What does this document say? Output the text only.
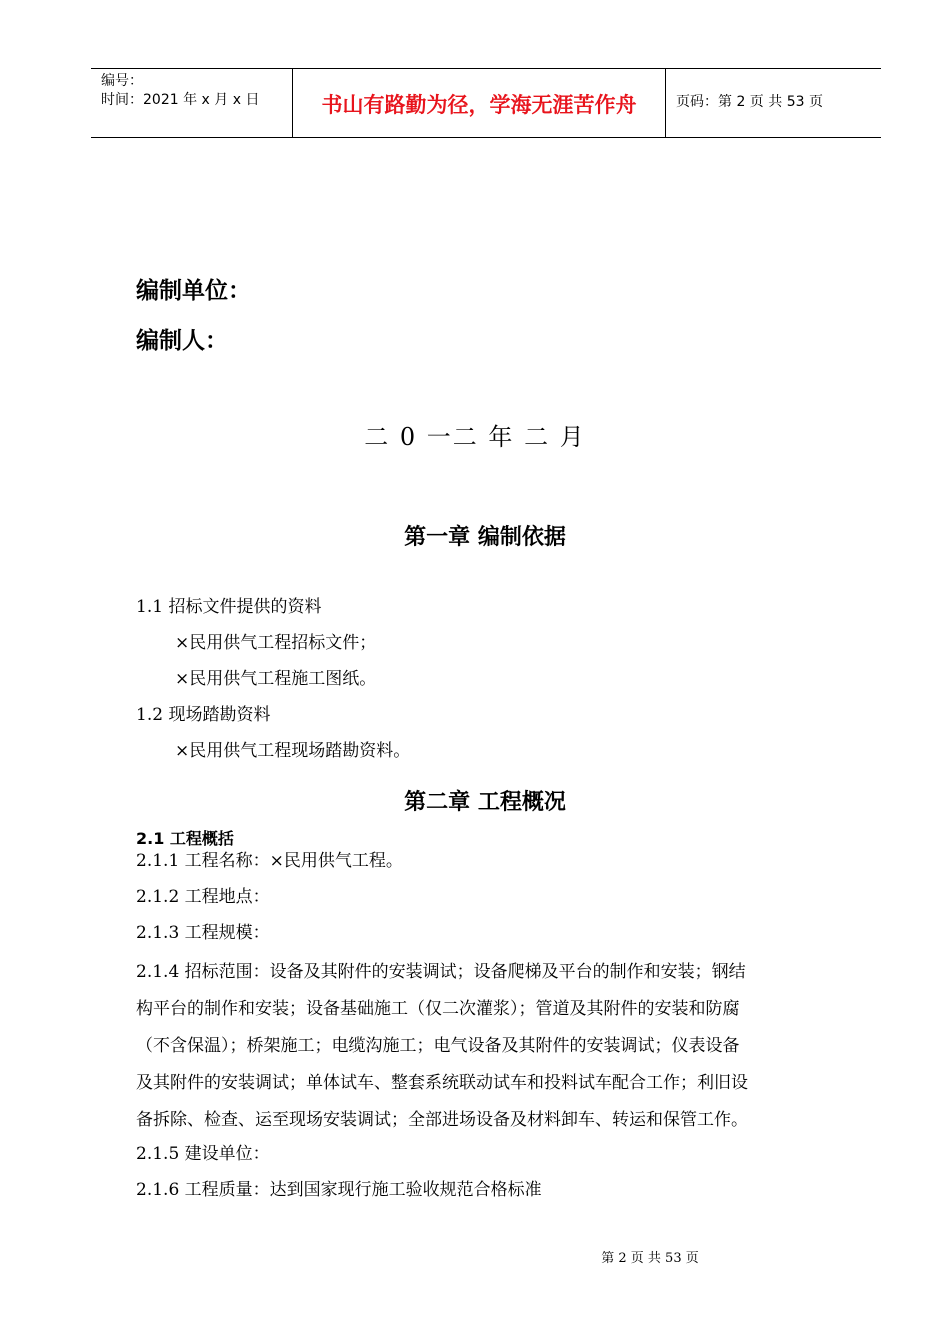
编号：
时间：2021 年 x 月 x 日	书山有路勤为径，学海无涯苦作舟	页码：第 2 页 共 53 页
编制单位：
编制人：
二 0 一二 年 二 月
第一章 编制依据
1.1 招标文件提供的资料
×民用供气工程招标文件；
×民用供气工程施工图纸。
1.2 现场踏勘资料
×民用供气工程现场踏勘资料。
第二章 工程概况
2.1 工程概括
2.1.1 工程名称：×民用供气工程。
2.1.2 工程地点：
2.1.3 工程规模：
2.1.4 招标范围：设备及其附件的安装调试；设备爬梯及平台的制作和安装；钢结
构平台的制作和安装；设备基础施工（仅二次灌浆）；管道及其附件的安装和防腐
（不含保温）；桥架施工；电缆沟施工；电气设备及其附件的安装调试；仪表设备
及其附件的安装调试；单体试车、整套系统联动试车和投料试车配合工作；利旧设
备拆除、检查、运至现场安装调试；全部进场设备及材料卸车、转运和保管工作。
2.1.5 建设单位：
2.1.6 工程质量：达到国家现行施工验收规范合格标准
第 2 页 共 53 页
